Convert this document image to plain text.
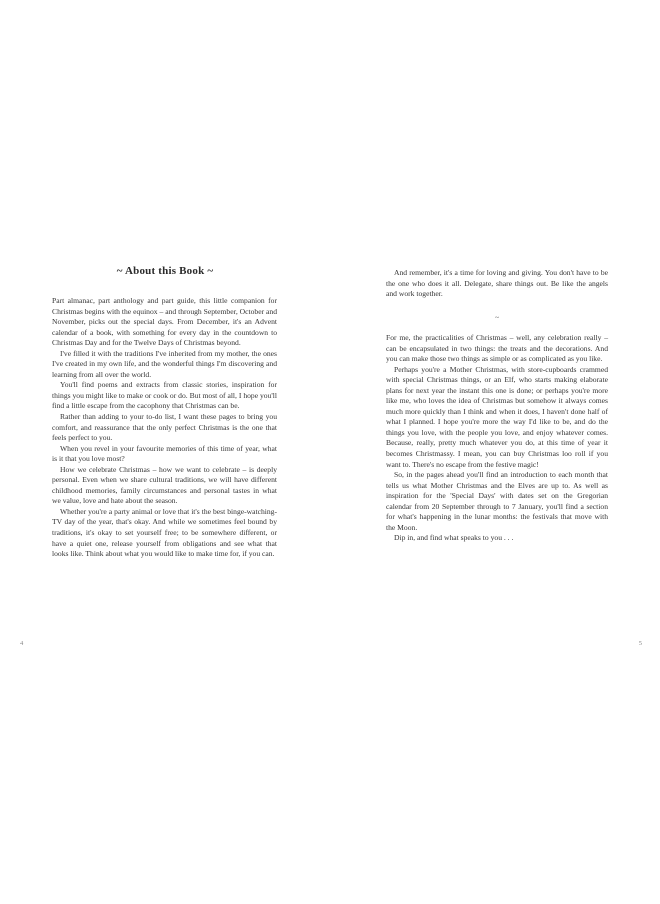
~ About this Book ~

Part almanac, part anthology and part guide, this little companion for Christmas begins with the equinox – and through September, October and November, picks out the special days. From December, it's an Advent calendar of a book, with something for every day in the countdown to Christmas Day and for the Twelve Days of Christmas beyond.

I've filled it with the traditions I've inherited from my mother, the ones I've created in my own life, and the wonderful things I'm discovering and learning from all over the world.

You'll find poems and extracts from classic stories, inspiration for things you might like to make or cook or do. But most of all, I hope you'll find a little escape from the cacophony that Christmas can be.

Rather than adding to your to-do list, I want these pages to bring you comfort, and reassurance that the only perfect Christmas is the one that feels perfect to you.

When you revel in your favourite memories of this time of year, what is it that you love most?

How we celebrate Christmas – how we want to celebrate – is deeply personal. Even when we share cultural traditions, we will have different childhood memories, family circumstances and personal tastes in what we value, love and hate about the season.

Whether you're a party animal or love that it's the best binge-watching-TV day of the year, that's okay. And while we sometimes feel bound by traditions, it's okay to set yourself free; to be somewhere different, or have a quiet one, release yourself from obligations and see what that looks like. Think about what you would like to make time for, if you can.

4

And remember, it's a time for loving and giving. You don't have to be the one who does it all. Delegate, share things out. Be like the angels and work together.

~

For me, the practicalities of Christmas – well, any celebration really – can be encapsulated in two things: the treats and the decorations. And you can make those two things as simple or as complicated as you like.

Perhaps you're a Mother Christmas, with store-cupboards crammed with special Christmas things, or an Elf, who starts making elaborate plans for next year the instant this one is done; or perhaps you're more like me, who loves the idea of Christmas but somehow it always comes much more quickly than I think and when it does, I haven't done half of what I planned. I hope you're more the way I'd like to be, and do the things you love, with the people you love, and enjoy whatever comes. Because, really, pretty much whatever you do, at this time of year it becomes Christmassy. I mean, you can buy Christmas loo roll if you want to. There's no escape from the festive magic!

So, in the pages ahead you'll find an introduction to each month that tells us what Mother Christmas and the Elves are up to. As well as inspiration for the 'Special Days' with dates set on the Gregorian calendar from 20 September through to 7 January, you'll find a section for what's happening in the lunar months: the festivals that move with the Moon.

Dip in, and find what speaks to you . . .

5
